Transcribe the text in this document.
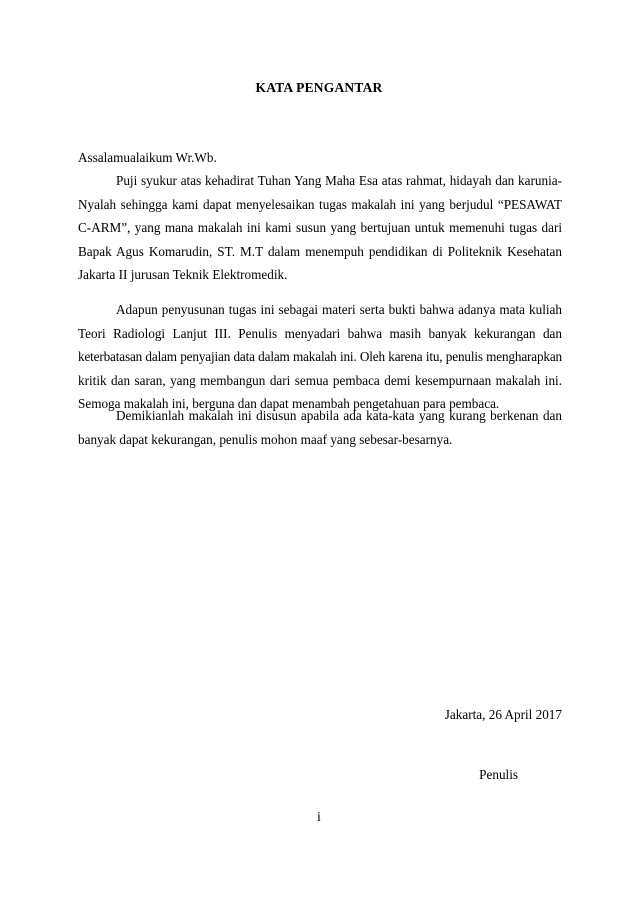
KATA PENGANTAR
Assalamualaikum Wr.Wb.
Puji syukur atas kehadirat Tuhan Yang Maha Esa atas rahmat, hidayah dan karunia-
Nyalah sehingga kami dapat menyelesaikan tugas makalah ini yang berjudul “PESAWAT
C-ARM”, yang mana makalah ini kami susun yang bertujuan untuk memenuhi tugas dari
Bapak Agus Komarudin, ST. M.T dalam menempuh pendidikan di Politeknik Kesehatan
Jakarta II jurusan Teknik Elektromedik.
Adapun penyusunan tugas ini sebagai materi serta bukti bahwa adanya mata kuliah
Teori Radiologi Lanjut III. Penulis menyadari bahwa masih banyak kekurangan dan
keterbatasan dalam penyajian data dalam makalah ini. Oleh karena itu, penulis mengharapkan
kritik dan saran, yang membangun dari semua pembaca demi kesempurnaan makalah ini.
Semoga makalah ini, berguna dan dapat menambah pengetahuan para pembaca.
Demikianlah makalah ini disusun apabila ada kata-kata yang kurang berkenan dan
banyak dapat kekurangan, penulis mohon maaf yang sebesar-besarnya.
Jakarta, 26 April 2017
Penulis
i
